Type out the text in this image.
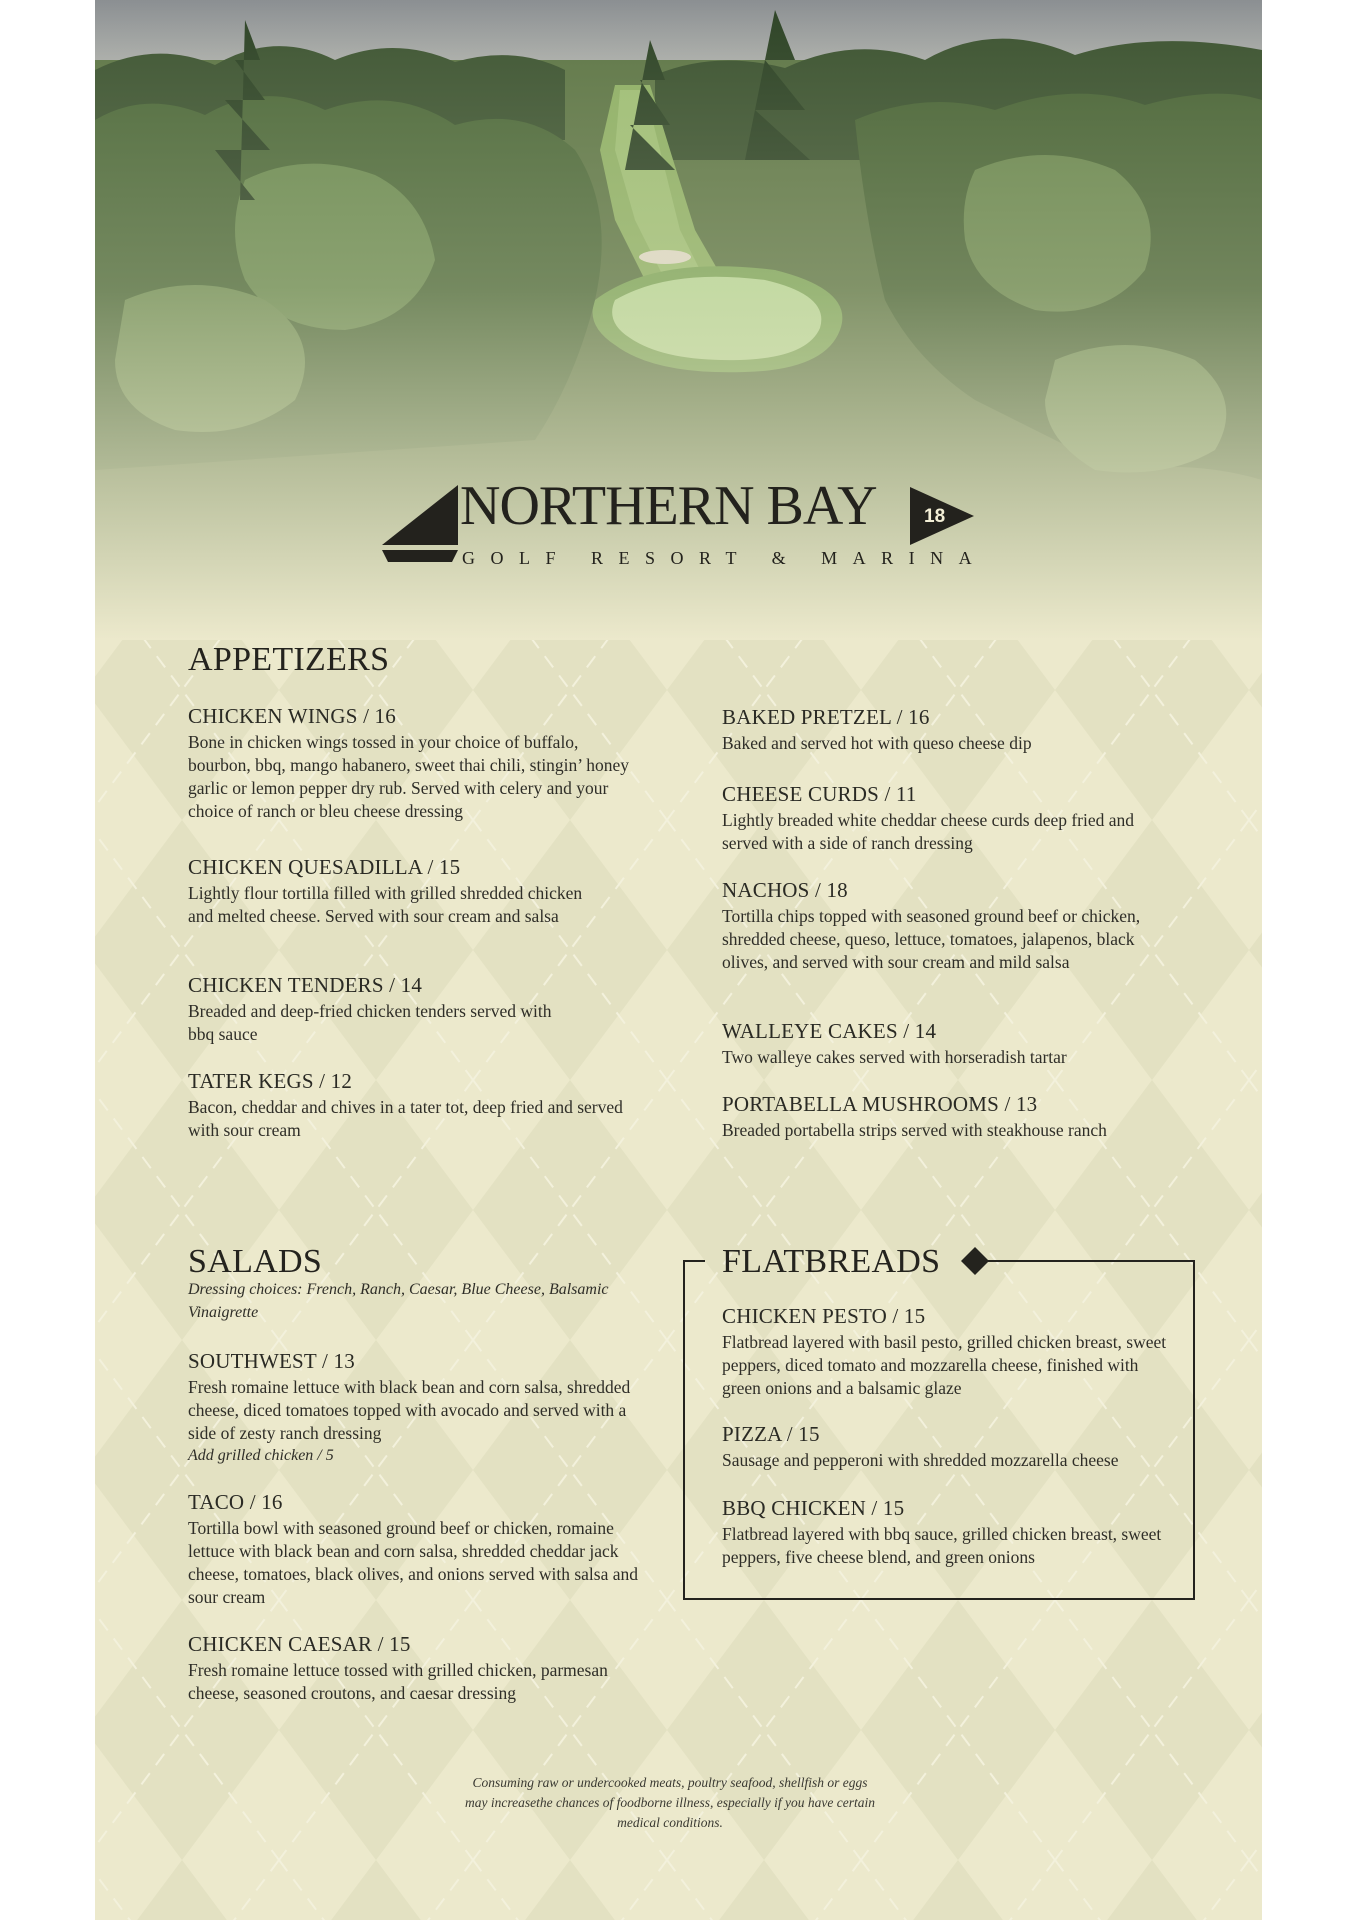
NORTHERN BAY
GOLF RESORT & MARINA
18
APPETIZERS
CHICKEN WINGS / 16
Bone in chicken wings tossed in your choice of buffalo, bourbon, bbq, mango habanero, sweet thai chili, stingin’ honey garlic or lemon pepper dry rub. Served with celery and your choice of ranch or bleu cheese dressing
CHICKEN QUESADILLA / 15
Lightly flour tortilla filled with grilled shredded chicken and melted cheese. Served with sour cream and salsa
CHICKEN TENDERS / 14
Breaded and deep-fried chicken tenders served with bbq sauce
TATER KEGS / 12
Bacon, cheddar and chives in a tater tot, deep fried and served with sour cream
BAKED PRETZEL / 16
Baked and served hot with queso cheese dip
CHEESE CURDS / 11
Lightly breaded white cheddar cheese curds deep fried and served with a side of ranch dressing
NACHOS / 18
Tortilla chips topped with seasoned ground beef or chicken, shredded cheese, queso, lettuce, tomatoes, jalapenos, black olives, and served with sour cream and mild salsa
WALLEYE CAKES / 14
Two walleye cakes served with horseradish tartar
PORTABELLA MUSHROOMS / 13
Breaded portabella strips served with steakhouse ranch
SALADS
Dressing choices: French, Ranch, Caesar, Blue Cheese, Balsamic Vinaigrette
SOUTHWEST / 13
Fresh romaine lettuce with black bean and corn salsa, shredded cheese, diced tomatoes topped with avocado and served with a side of zesty ranch dressing
Add grilled chicken / 5
TACO / 16
Tortilla bowl with seasoned ground beef or chicken, romaine lettuce with black bean and corn salsa, shredded cheddar jack cheese, tomatoes, black olives, and onions served with salsa and sour cream
CHICKEN CAESAR / 15
Fresh romaine lettuce tossed with grilled chicken, parmesan cheese, seasoned croutons, and caesar dressing
FLATBREADS
CHICKEN PESTO / 15
Flatbread layered with basil pesto, grilled chicken breast, sweet peppers, diced tomato and mozzarella cheese, finished with green onions and a balsamic glaze
PIZZA / 15
Sausage and pepperoni with shredded mozzarella cheese
BBQ CHICKEN / 15
Flatbread layered with bbq sauce, grilled chicken breast, sweet peppers, five cheese blend, and green onions
Consuming raw or undercooked meats, poultry seafood, shellfish or eggs may increasethe chances of foodborne illness, especially if you have certain medical conditions.
